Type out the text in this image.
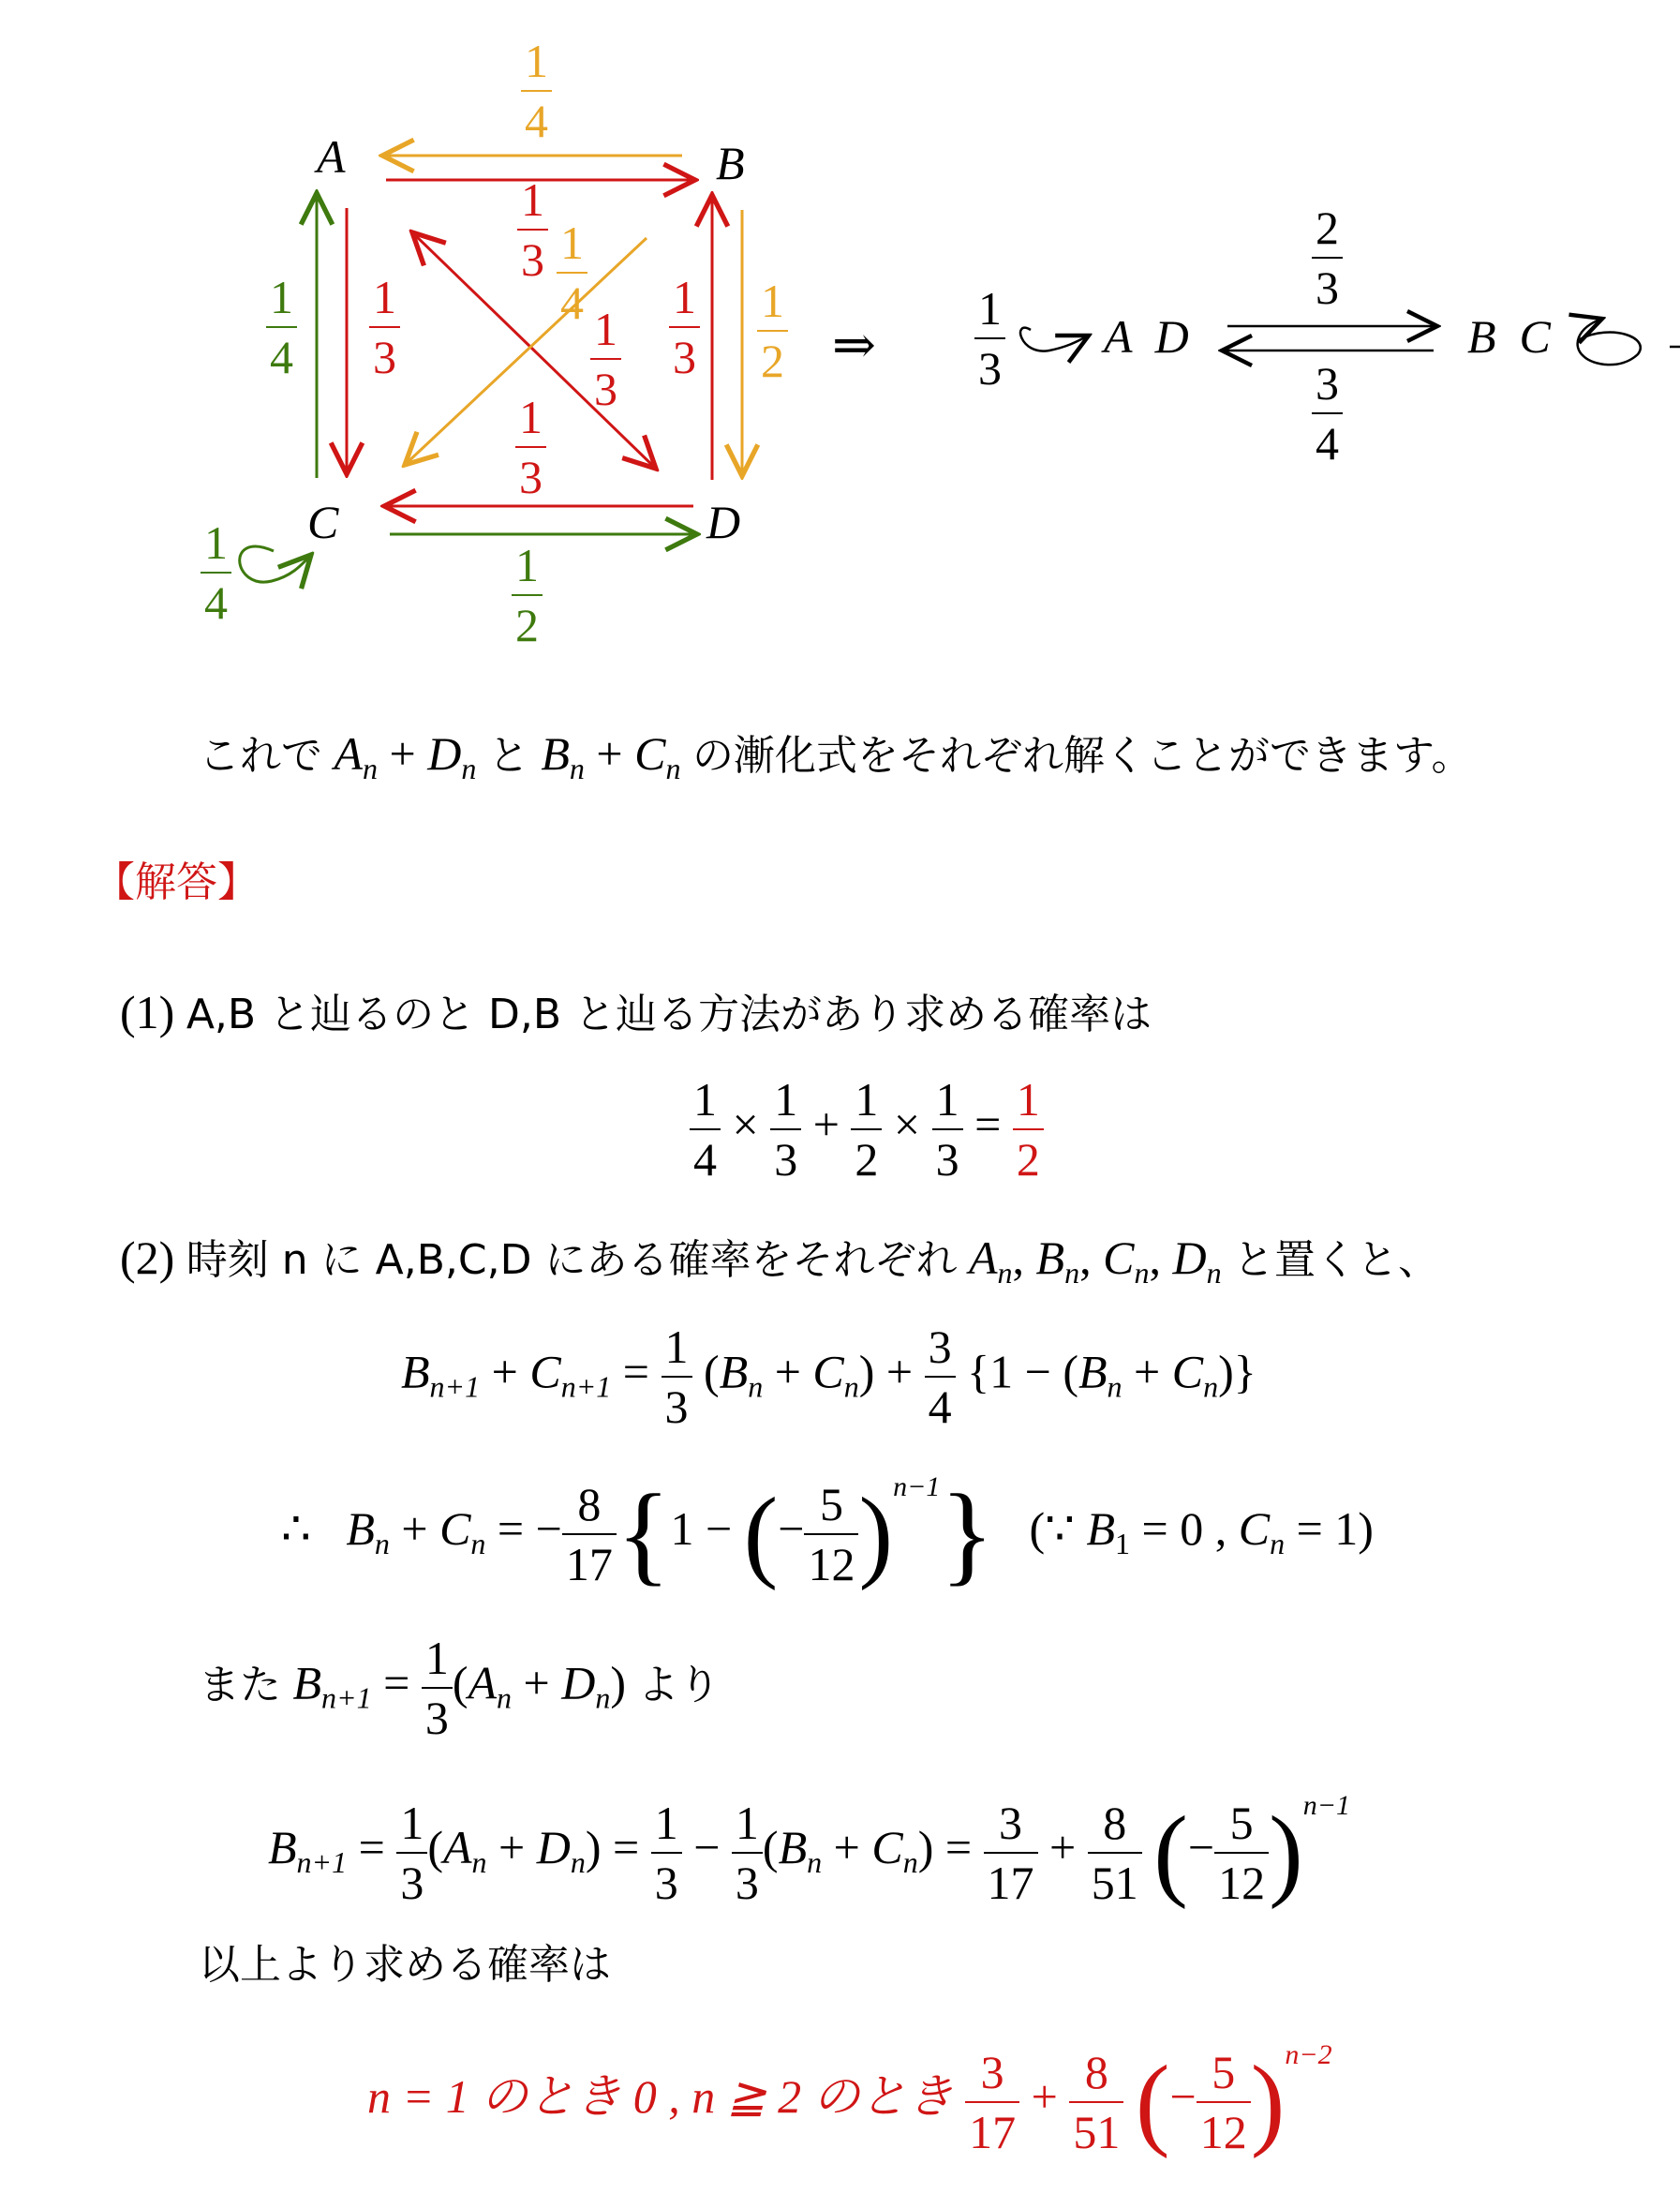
A	B
C	D
$\frac{1}{4}$
$\frac{1}{3} \frac{1}{4}$
$\frac{1}{4} \frac{1}{3}$	$\frac{1}{3} \frac{1}{3} \frac{1}{2}$
$\frac{1}{3}$
$\frac{1}{2}$
$\frac{1}{4}$
⇒ $\frac{1}{3}$ A  D
$\frac{2}{3}$
$\frac{3}{4}$
B  C
これで $A_n + D_n$ と $B_n + C_n$ の漸化式をそれぞれ解くことができます。
【解答】
(1) A,B と辿るのと D,B と辿る方法があり求める確率は
$\frac{1}{4} \times \frac{1}{3} + \frac{1}{2} \times \frac{1}{3} = \frac{1}{2}$
(2) 時刻 n に A,B,C,D にある確率をそれぞれ $A_n$, $B_n$, $C_n$, $D_n$ と置くと、
$B_{n+1} + C_{n+1} = \frac{1}{3} (B_n + C_n) + \frac{3}{4} \{1 - (B_n + C_n)\}$
∴   $B_n + C_n$ = − $\frac{8}{17} \{1$ − (− $\frac{5}{12} )^{n-1}$}   (∵ $B_1 = 0$ , $C_n = 1$)
また $B_{n+1} = \frac{1}{3} (A_n + D_n)$ より
$B_{n+1} = \frac{1}{3} (A_n + D_n) = \frac{1}{3} - \frac{1}{3} (B_n + C_n) = \frac{3}{17} + \frac{8}{51}$ (− $\frac{5}{12} )^{n-1}$
以上より求める確率は
n = 1 のとき 0 , n ≧ 2 のとき $\frac{3}{17} + \frac{8}{51}$ (− $\frac{5}{12} )^{n-2}$
